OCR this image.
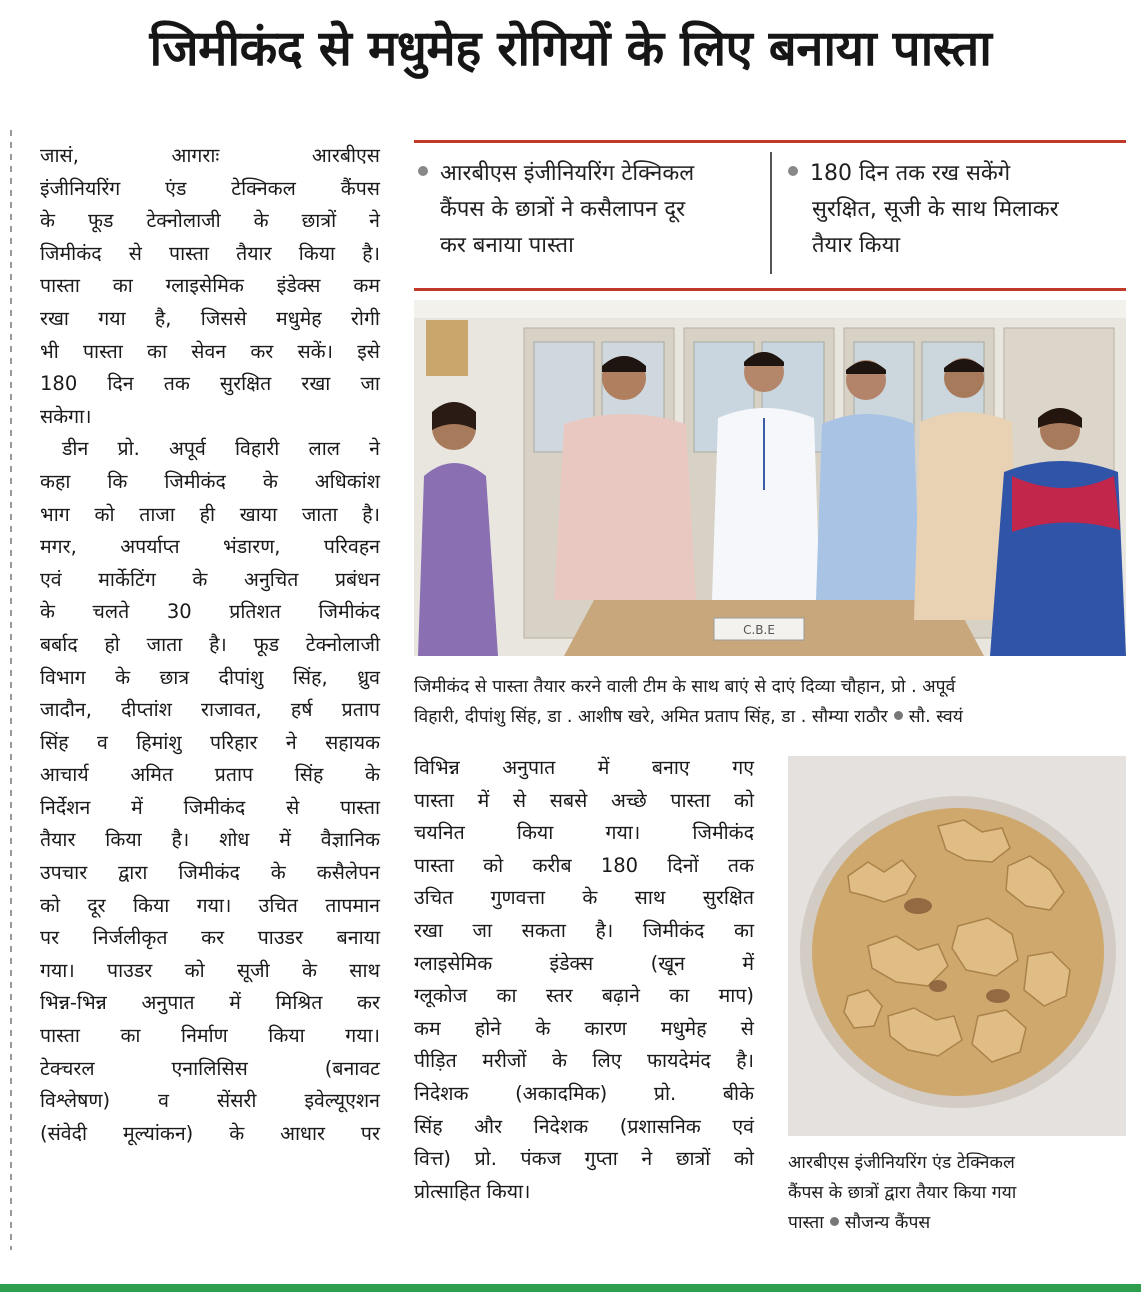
जिमीकंद से मधुमेह रोगियों के लिए बनाया पास्ता

जासं, आगराः आरबीएस

इंजीनियरिंग एंड टेक्निकल कैंपस

के फूड टेक्नोलाजी के छात्रों ने

जिमीकंद से पास्ता तैयार किया है।

पास्ता का ग्लाइसेमिक इंडेक्स कम

रखा गया है, जिससे मधुमेह रोगी

भी पास्ता का सेवन कर सकें। इसे

180 दिन तक सुरक्षित रखा जा

सकेगा।

डीन प्रो. अपूर्व विहारी लाल ने

कहा कि जिमीकंद के अधिकांश

भाग को ताजा ही खाया जाता है।

मगर, अपर्याप्त भंडारण, परिवहन

एवं मार्केटिंग के अनुचित प्रबंधन

के चलते 30 प्रतिशत जिमीकंद

बर्बाद हो जाता है। फूड टेक्नोलाजी

विभाग के छात्र दीपांशु सिंह, ध्रुव

जादौन, दीप्तांश राजावत, हर्ष प्रताप

सिंह व हिमांशु परिहार ने सहायक

आचार्य अमित प्रताप सिंह के

निर्देशन में जिमीकंद से पास्ता

तैयार किया है। शोध में वैज्ञानिक

उपचार द्वारा जिमीकंद के कसैलेपन

को दूर किया गया। उचित तापमान

पर निर्जलीकृत कर पाउडर बनाया

गया। पाउडर को सूजी के साथ

भिन्न-भिन्न अनुपात में मिश्रित कर

पास्ता का निर्माण किया गया।

टेक्चरल एनालिसिस (बनावट

विश्लेषण) व सेंसरी इवेल्यूएशन

(संवेदी मूल्यांकन) के आधार पर

आरबीएस इंजीनियरिंग टेक्निकल
कैंपस के छात्रों ने कसैलापन दूर
कर बनाया पास्ता
180 दिन तक रख सकेंगे
सुरक्षित, सूजी के साथ मिलाकर
तैयार किया
C.B.E
जिमीकंद से पास्ता तैयार करने वाली टीम के साथ बाएं से दाएं दिव्या चौहान, प्रो . अपूर्व
विहारी, दीपांशु सिंह, डा . आशीष खरे, अमित प्रताप सिंह, डा . सौम्या राठौर सौ. स्वयं

विभिन्न अनुपात में बनाए गए

पास्ता में से सबसे अच्छे पास्ता को

चयनित किया गया। जिमीकंद

पास्ता को करीब 180 दिनों तक

उचित गुणवत्ता के साथ सुरक्षित

रखा जा सकता है। जिमीकंद का

ग्लाइसेमिक इंडेक्स (खून में

ग्लूकोज का स्तर बढ़ाने का माप)

कम होने के कारण मधुमेह से

पीड़ित मरीजों के लिए फायदेमंद है।

निदेशक (अकादमिक) प्रो. बीके

सिंह और निदेशक (प्रशासनिक एवं

वित्त) प्रो. पंकज गुप्ता ने छात्रों को

प्रोत्साहित किया।

आरबीएस इंजीनियरिंग एंड टेक्निकल
कैंपस के छात्रों द्वारा तैयार किया गया
पास्ता सौजन्य कैंपस
